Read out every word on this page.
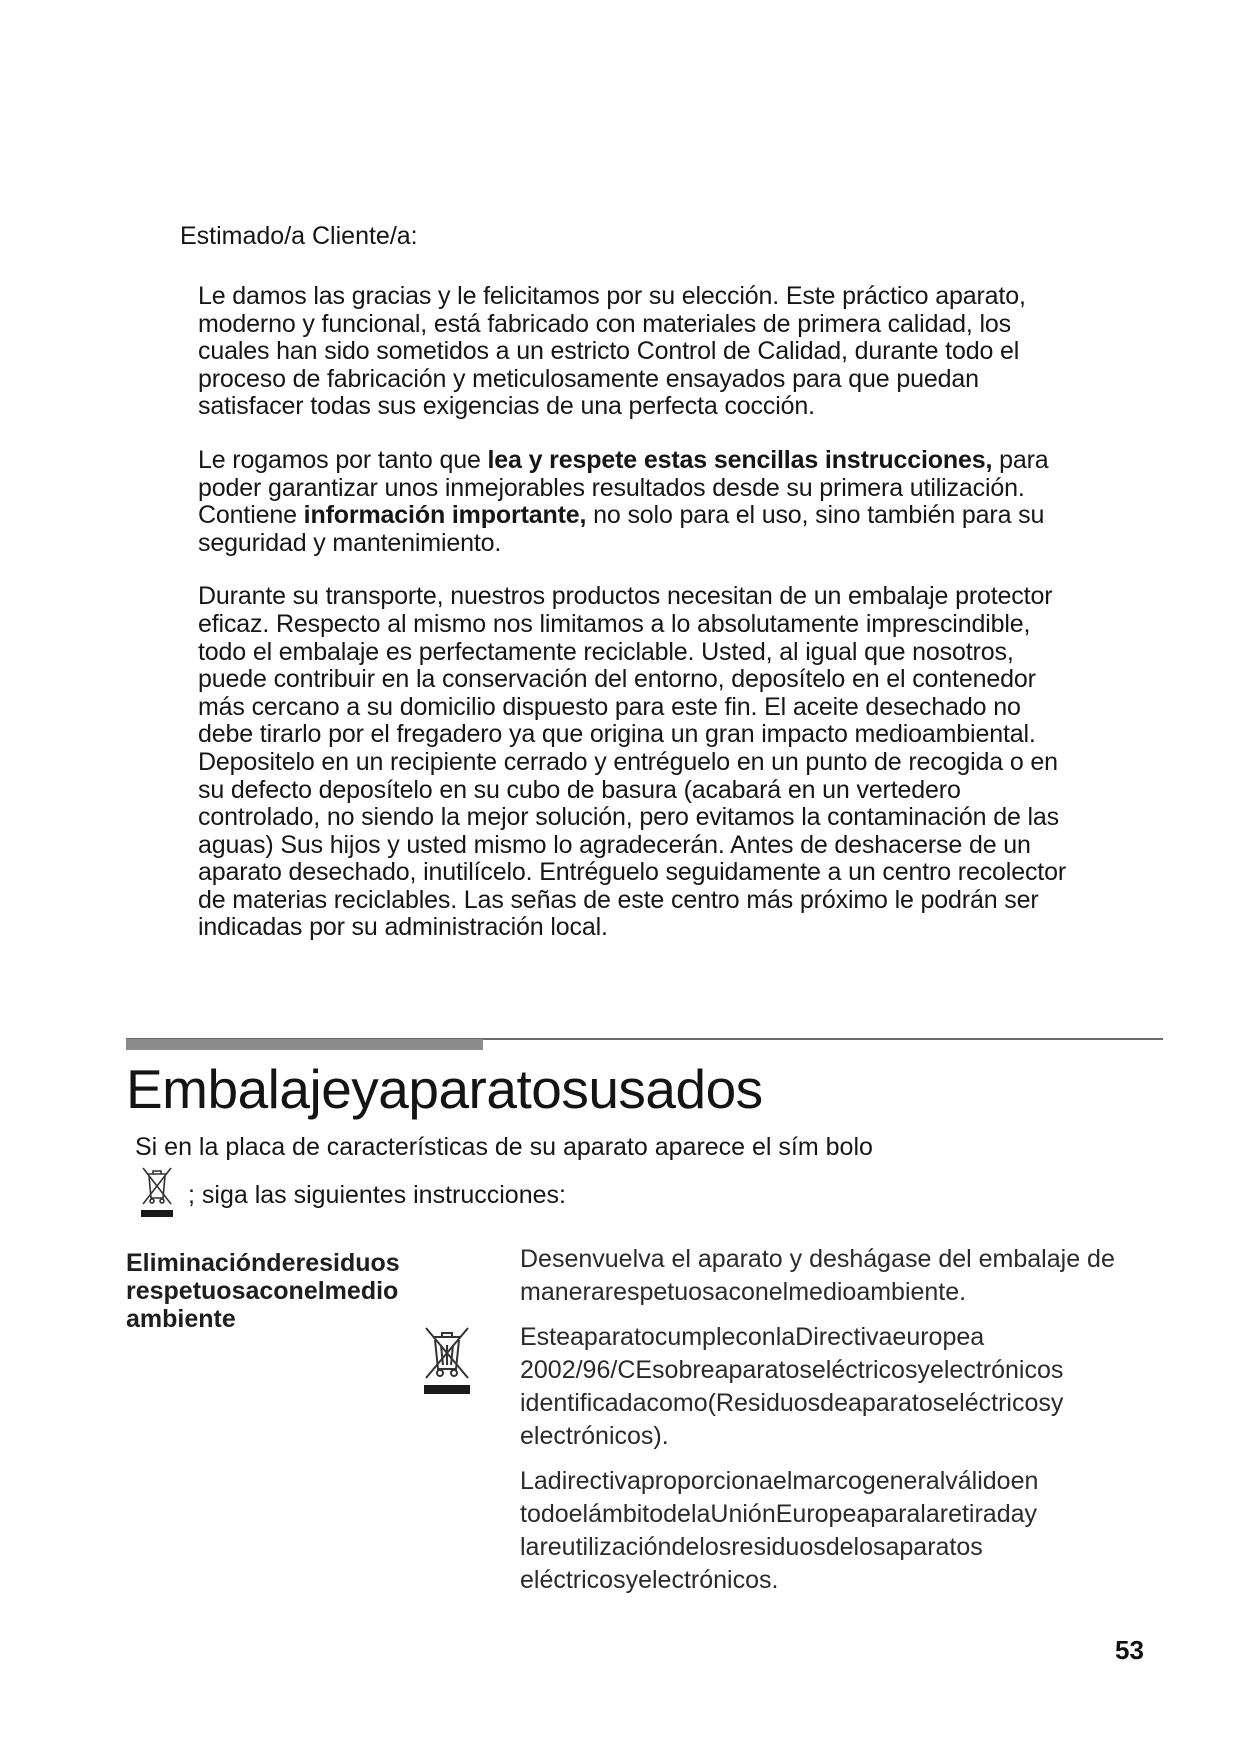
Estimado/a Cliente/a:

Le damos las gracias y le felicitamos por su elección. Este práctico aparato, moderno y funcional, está fabricado con materiales de primera calidad, los cuales han sido sometidos a un estricto Control de Calidad, durante todo el proceso de fabricación y meticulosamente ensayados para que puedan satisfacer todas sus exigencias de una perfecta cocción.

Le rogamos por tanto que lea y respete estas sencillas instrucciones, para poder garantizar unos inmejorables resultados desde su primera utilización. Contiene información importante, no solo para el uso, sino también para su seguridad y mantenimiento.

Durante su transporte, nuestros productos necesitan de un embalaje protector eficaz. Respecto al mismo nos limitamos a lo absolutamente imprescindible, todo el embalaje es perfectamente reciclable. Usted, al igual que nosotros, puede contribuir en la conservación del entorno, deposítelo en el contenedor más cercano a su domicilio dispuesto para este fin. El aceite desechado no debe tirarlo por el fregadero ya que origina un gran impacto medioambiental. Depositelo en un recipiente cerrado y entréguelo en un punto de recogida o en su defecto deposítelo en su cubo de basura (acabará en un vertedero controlado, no siendo la mejor solución, pero evitamos la contaminación de las aguas) Sus hijos y usted mismo lo agradecerán. Antes de deshacerse de un aparato desechado, inutilícelo. Entréguelo seguidamente a un centro recolector de materias reciclables. Las señas de este centro más próximo le podrán ser indicadas por su administración local.

Embalajeyaparatosusados
Si en la placa de características de su aparato aparece el sím bolo
; siga las siguientes instrucciones:
Eliminaciónderesiduos respetuosaconelmedio ambiente

Desenvuelva el aparato y deshágase del embalaje de manerarespetuosaconelmedioambiente.

EsteaparatocumpleconlaDirectivaeuropea 2002/96/CEsobreaparatoseléctricosyelectrónicos identificadacomo(Residuosdeaparatoseléctricosy electrónicos).

Ladirectivaproporcionaelmarcogeneralválidoen todoelámbitodelaUniónEuropeaparalaretiraday lareutilizacióndelosresiduosdelosaparatos eléctricosyelectrónicos.

53
